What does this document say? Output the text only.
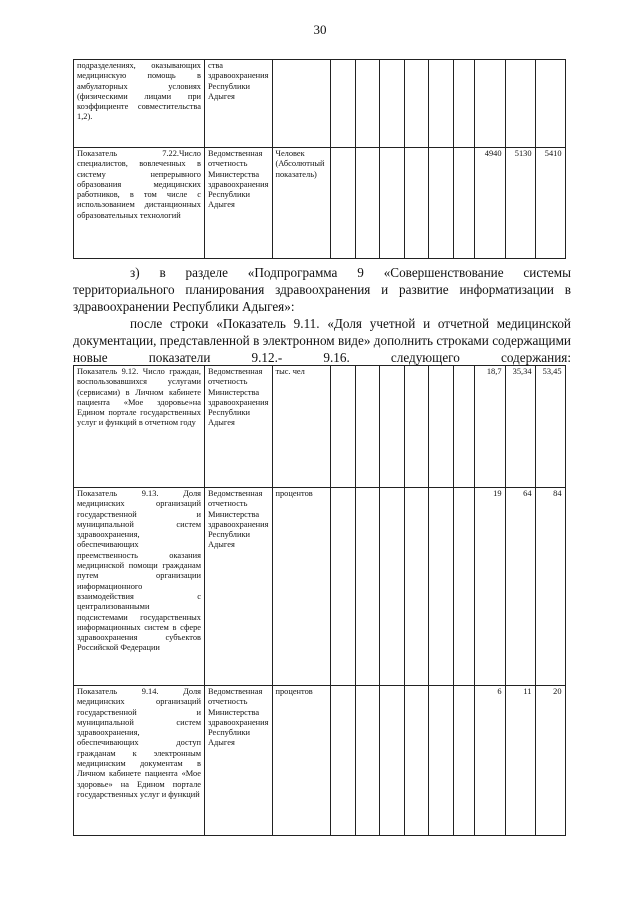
30
подразделениях, оказывающих медицинскую помощь в амбулаторных условиях (физическими лицами при коэффициенте совместительства 1,2).	ства здравоохранения Республики Адыгея										
Показатель 7.22.Число специалистов, вовлеченных в систему непрерывного образования медицинских работников, в том числе с использованием дистанционных образовательных технологий	Ведомственная отчетность Министерства здравоохранения Республики Адыгея	Человек (Абсолютный показатель)							4940	5130	5410

з) в разделе «Подпрограмма 9 «Совершенствование системы территориального планирования здравоохранения и развитие информатизации в здравоохранении Республики Адыгея»:

после строки «Показатель 9.11. «Доля учетной и отчетной медицинской документации, представленной в электронном виде» дополнить строками содержащими новые показатели 9.12.- 9.16. следующего содержания:

Показатель 9.12. Число граждан, воспользовавшихся услугами (сервисами) в Личном кабинете пациента «Мое здоровье»на Едином портале государственных услуг и функций в отчетном году	Ведомственная отчетность Министерства здравоохранения Республики Адыгея	тыс. чел							18,7	35,34	53,45
Показатель 9.13. Доля медицинских организаций государственной и муниципальной систем здравоохранения, обеспечивающих преемственность оказания медицинской помощи гражданам путем организации информационного взаимодействия с централизованными подсистемами государственных информационных систем в сфере здравоохранения субъектов Российской Федерации	Ведомственная отчетность Министерства здравоохранения Республики Адыгея	процентов							19	64	84
Показатель 9.14. Доля медицинских организаций государственной и муниципальной систем здравоохранения, обеспечивающих доступ гражданам к электронным медицинским документам в Личном кабинете пациента «Мое здоровье» на Едином портале государственных услуг и функций	Ведомственная отчетность Министерства здравоохранения Республики Адыгея	процентов							6	11	20
